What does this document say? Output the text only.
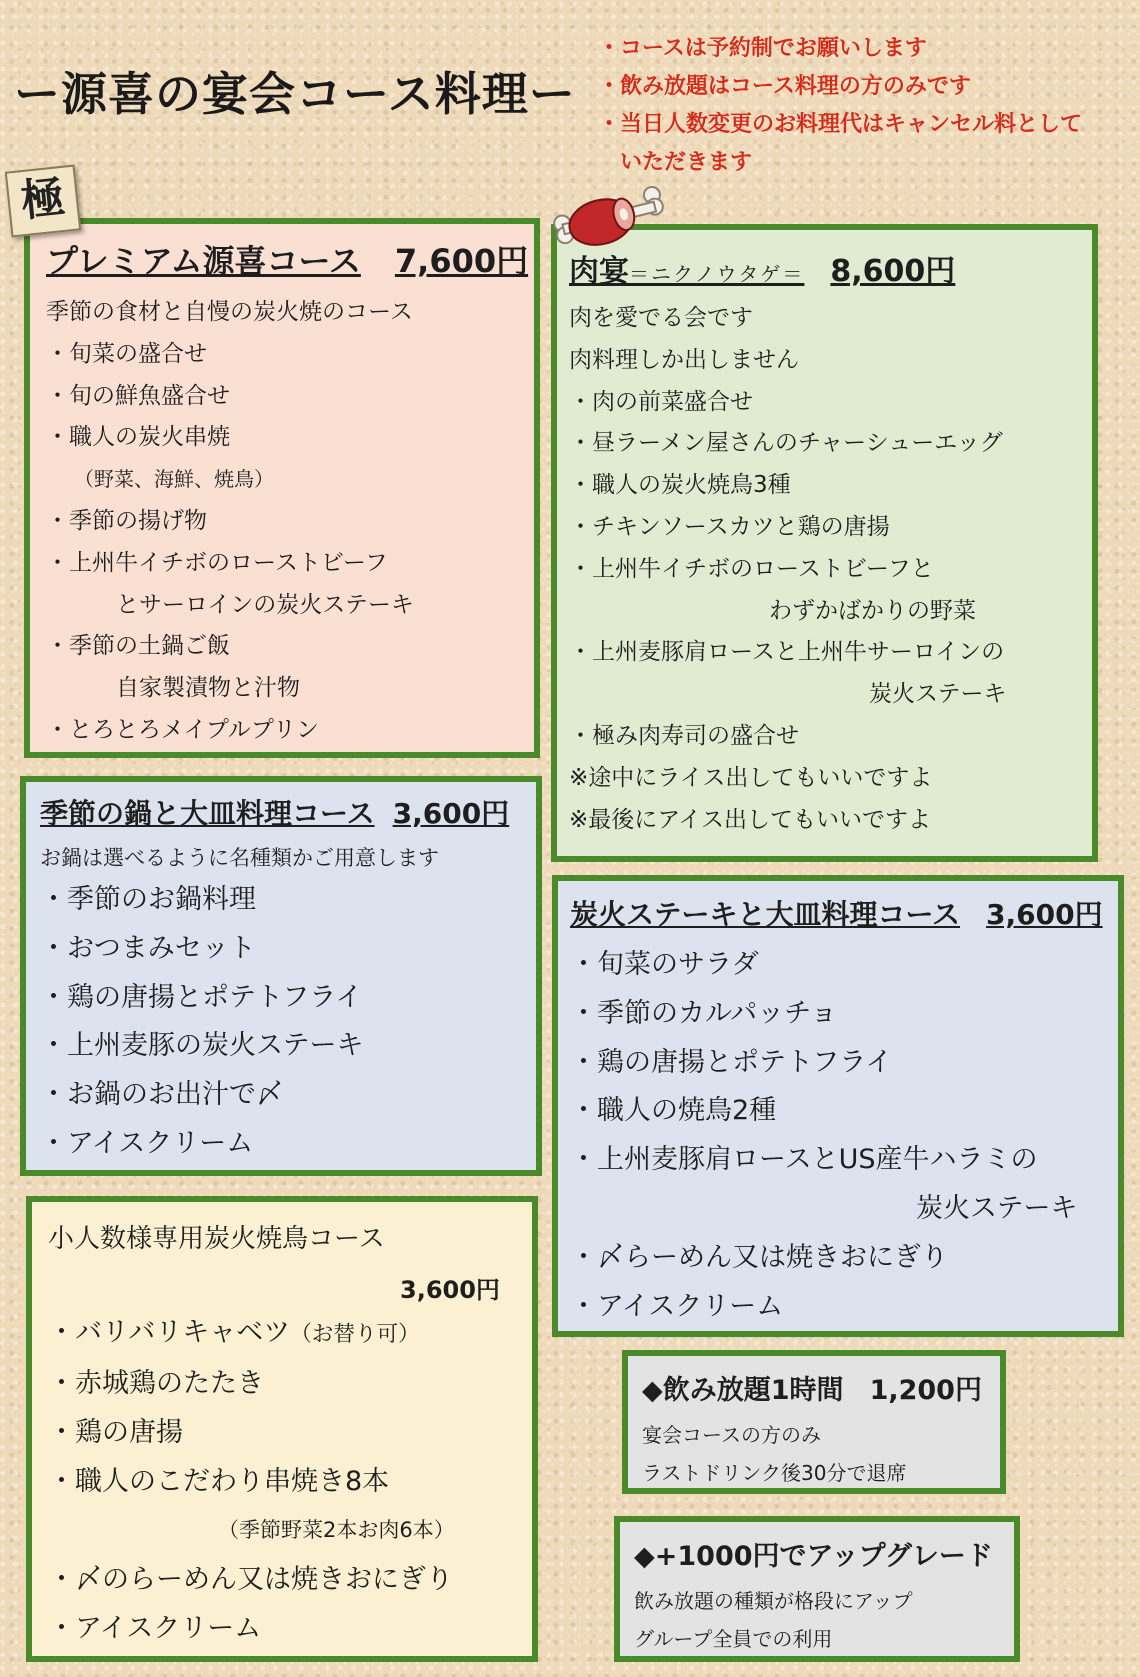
ー源喜の宴会コース料理ー
・コースは予約制でお願いします
・飲み放題はコース料理の方のみです
・当日人数変更のお料理代はキャンセル料として
いただきます
プレミアム源喜コース 7,600円
季節の食材と自慢の炭火焼のコース
・旬菜の盛合せ
・旬の鮮魚盛合せ
・職人の炭火串焼
（野菜、海鮮、焼鳥）
・季節の揚げ物
・上州牛イチボのローストビーフ
とサーロインの炭火ステーキ
・季節の土鍋ご飯
自家製漬物と汁物
・とろとろメイプルプリン
極
肉宴＝ニクノウタゲ＝ 8,600円
肉を愛でる会です
肉料理しか出しません
・肉の前菜盛合せ
・昼ラーメン屋さんのチャーシューエッグ
・職人の炭火焼鳥3種
・チキンソースカツと鶏の唐揚
・上州牛イチボのローストビーフと
わずかばかりの野菜
・上州麦豚肩ロースと上州牛サーロインの
炭火ステーキ
・極み肉寿司の盛合せ
※途中にライス出してもいいですよ
※最後にアイス出してもいいですよ
季節の鍋と大皿料理コース 3,600円
お鍋は選べるように名種類かご用意します
・季節のお鍋料理
・おつまみセット
・鶏の唐揚とポテトフライ
・上州麦豚の炭火ステーキ
・お鍋のお出汁で〆
・アイスクリーム
炭火ステーキと大皿料理コース 3,600円
・旬菜のサラダ
・季節のカルパッチョ
・鶏の唐揚とポテトフライ
・職人の焼鳥2種
・上州麦豚肩ロースとUS産牛ハラミの
炭火ステーキ
・〆らーめん又は焼きおにぎり
・アイスクリーム
小人数様専用炭火焼鳥コース
3,600円
・バリバリキャベツ（お替り可）
・赤城鶏のたたき
・鶏の唐揚
・職人のこだわり串焼き8本
（季節野菜2本お肉6本）
・〆のらーめん又は焼きおにぎり
・アイスクリーム
◆飲み放題1時間 1,200円
宴会コースの方のみ
ラストドリンク後30分で退席
◆+1000円でアップグレード
飲み放題の種類が格段にアップ
グループ全員での利用
